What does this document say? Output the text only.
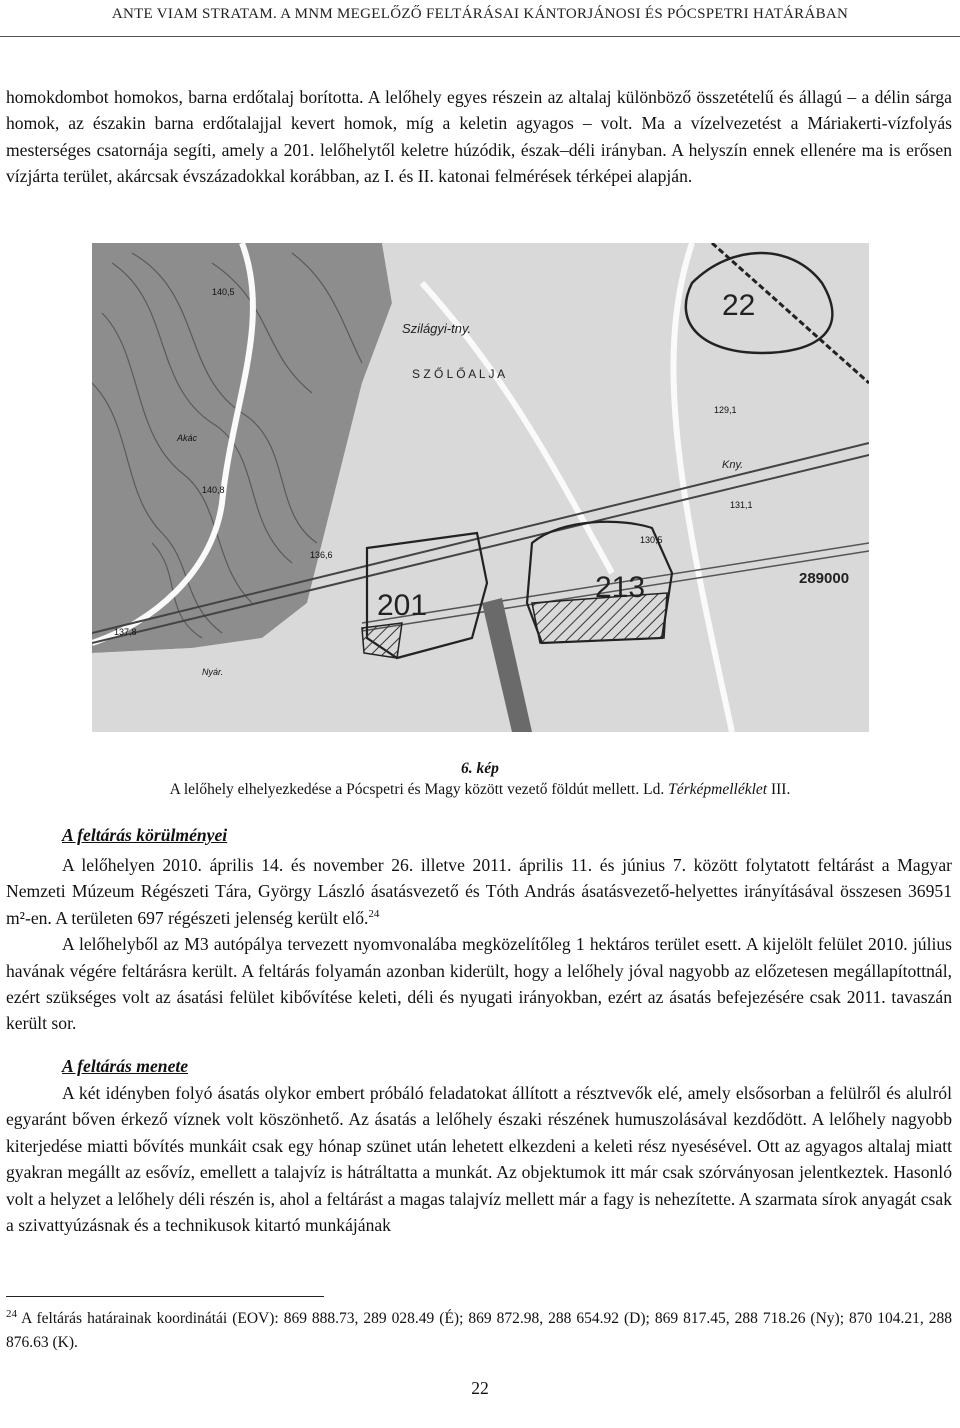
ANTE VIAM STRATAM. A MNM MEGELŐZŐ FELTÁRÁSAI KÁNTORJÁNOSI ÉS PÓCSPETRI HATÁRÁBAN

homokdombot homokos, barna erdőtalaj borította. A lelőhely egyes részein az altalaj különböző összetételű és állagú – a délin sárga homok, az északin barna erdőtalajjal kevert homok, míg a keletin agyagos – volt. Ma a vízelvezetést a Máriakerti-vízfolyás mesterséges csatornája segíti, amely a 201. lelőhelytől keletre húzódik, észak–déli irányban. A helyszín ennek ellenére ma is erősen vízjárta terület, akárcsak évszázadokkal korábban, az I. és II. katonai felmérések térképei alapján.

22
201
213	289000
Szilágyi-tny.
S Z Ő L Ő A L J A
Kny.
140,5
140,8
136,6
137,8
129,1
131,1
130,5
Nyár.
Akác
6. kép
A lelőhely elhelyezkedése a Pócspetri és Magy között vezető földút mellett. Ld. Térképmelléklet III.
A feltárás körülményei

A lelőhelyen 2010. április 14. és november 26. illetve 2011. április 11. és június 7. között folytatott feltárást a Magyar Nemzeti Múzeum Régészeti Tára, György László ásatásvezető és Tóth András ásatásvezető-helyettes irányításával összesen 36951 m²-en. A területen 697 régészeti jelenség került elő.$^{24}$
A lelőhelyből az M3 autópálya tervezett nyomvonalába megközelítőleg 1 hektáros terület esett. A kijelölt felület 2010. július havának végére feltárásra került. A feltárás folyamán azonban kiderült, hogy a lelőhely jóval nagyobb az előzetesen megállapítottnál, ezért szükséges volt az ásatási felület kibővítése keleti, déli és nyugati irányokban, ezért az ásatás befejezésére csak 2011. tavaszán került sor.

A feltárás menete

A két idényben folyó ásatás olykor embert próbáló feladatokat állított a résztvevők elé, amely elsősorban a felülről és alulról egyaránt bőven érkező víznek volt köszönhető. Az ásatás a lelőhely északi részének humuszolásával kezdődött. A lelőhely nagyobb kiterjedése miatti bővítés munkáit csak egy hónap szünet után lehetett elkezdeni a keleti rész nyesésével. Ott az agyagos altalaj miatt gyakran megállt az esővíz, emellett a talajvíz is hátráltatta a munkát. Az objektumok itt már csak szórványosan jelentkeztek. Hasonló volt a helyzet a lelőhely déli részén is, ahol a feltárást a magas talajvíz mellett már a fagy is nehezítette. A szarmata sírok anyagát csak a szivattyúzásnak és a technikusok kitartó munkájának

$^{24}$ A feltárás határainak koordinátái (EOV): 869 888.73, 289 028.49 (É); 869 872.98, 288 654.92 (D); 869 817.45, 288 718.26 (Ny); 870 104.21, 288 876.63 (K).
22
